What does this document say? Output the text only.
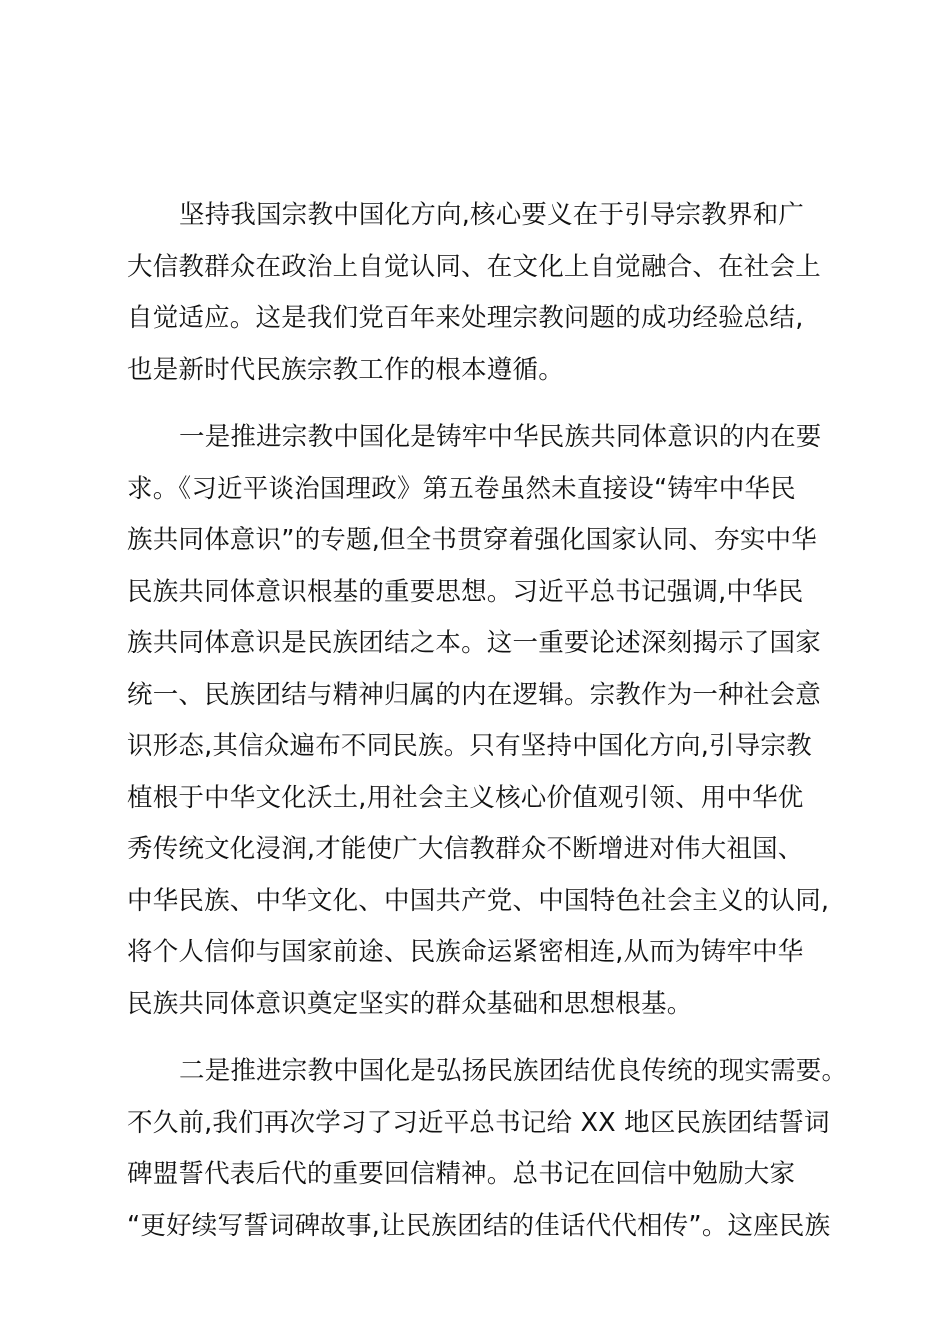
坚持我国宗教中国化方向,核心要义在于引导宗教界和广
大信教群众在政治上自觉认同、在文化上自觉融合、在社会上
自觉适应。这是我们党百年来处理宗教问题的成功经验总结,
也是新时代民族宗教工作的根本遵循。
一是推进宗教中国化是铸牢中华民族共同体意识的内在要
求。《习近平谈治国理政》第五卷虽然未直接设“铸牢中华民
族共同体意识”的专题,但全书贯穿着强化国家认同、夯实中华
民族共同体意识根基的重要思想。习近平总书记强调,中华民
族共同体意识是民族团结之本。这一重要论述深刻揭示了国家
统一、民族团结与精神归属的内在逻辑。宗教作为一种社会意
识形态,其信众遍布不同民族。只有坚持中国化方向,引导宗教
植根于中华文化沃土,用社会主义核心价值观引领、用中华优
秀传统文化浸润,才能使广大信教群众不断增进对伟大祖国、
中华民族、中华文化、中国共产党、中国特色社会主义的认同,
将个人信仰与国家前途、民族命运紧密相连,从而为铸牢中华
民族共同体意识奠定坚实的群众基础和思想根基。
二是推进宗教中国化是弘扬民族团结优良传统的现实需要。
不久前,我们再次学习了习近平总书记给 XX 地区民族团结誓词
碑盟誓代表后代的重要回信精神。总书记在回信中勉励大家
“更好续写誓词碑故事,让民族团结的佳话代代相传”。这座民族
